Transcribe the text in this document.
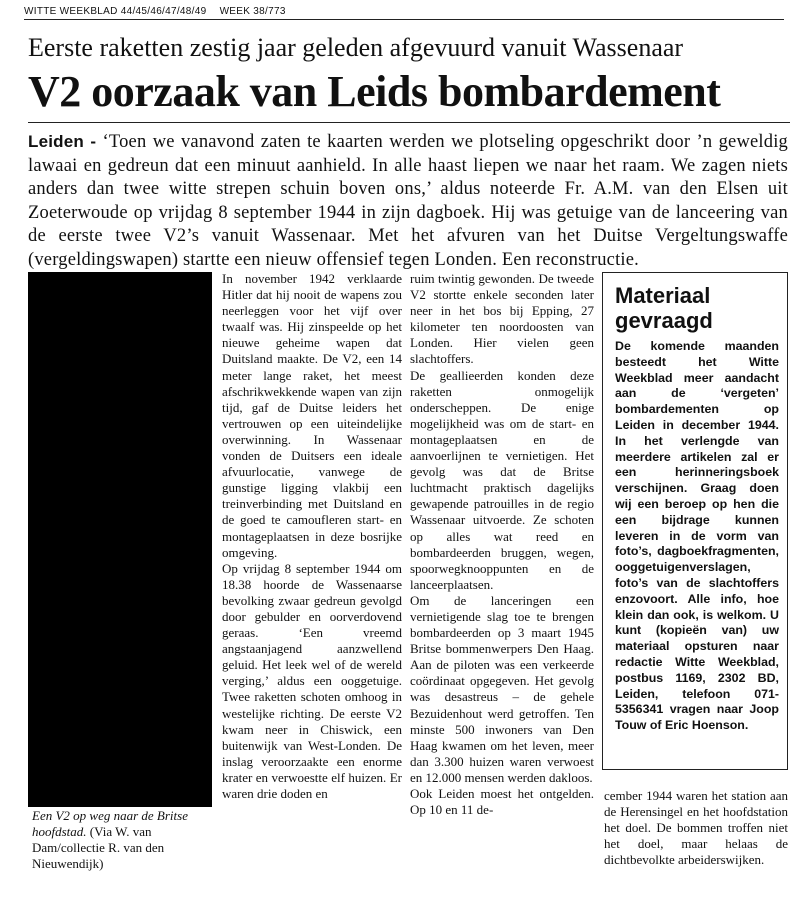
WITTE WEEKBLAD 44/45/46/47/48/49 WEEK 38/773
Eerste raketten zestig jaar geleden afgevuurd vanuit Wassenaar
V2 oorzaak van Leids bombardement
Leiden - ‘Toen we vanavond zaten te kaarten werden we plotseling opgeschrikt door ’n geweldig lawaai en gedreun dat een minuut aanhield. In alle haast liepen we naar het raam. We zagen niets anders dan twee witte strepen schuin boven ons,’ aldus noteerde Fr. A.M. van den Elsen uit Zoeterwoude op vrijdag 8 september 1944 in zijn dagboek. Hij was getuige van de lanceering van de eerste twee V2’s vanuit Wassenaar. Met het afvuren van het Duitse Vergeltungswaffe (vergeldingswapen) startte een nieuw offensief tegen Londen. Een reconstructie.
Een V2 op weg naar de Britse hoofdstad. (Via W. van Dam/collectie R. van den Nieuwendijk)

In november 1942 verklaarde Hitler dat hij nooit de wapens zou neerleggen voor het vijf over twaalf was. Hij zinspeelde op het nieuwe geheime wapen dat Duitsland maakte. De V2, een 14 meter lange raket, het meest afschrikwekkende wapen van zijn tijd, gaf de Duitse leiders het vertrouwen op een uiteindelijke overwinning. In Wassenaar vonden de Duitsers een ideale afvuurlocatie, vanwege de gunstige ligging vlakbij een treinverbinding met Duitsland en de goed te camoufleren start- en montageplaatsen in deze bosrijke omgeving.

Op vrijdag 8 september 1944 om 18.38 hoorde de Wassenaarse bevolking zwaar gedreun gevolgd door gebulder en oorverdovend geraas. ‘Een vreemd angstaanjagend aanzwellend geluid. Het leek wel of de wereld verging,’ aldus een ooggetuige. Twee raketten schoten omhoog in westelijke richting. De eerste V2 kwam neer in Chiswick, een buitenwijk van West-Londen. De inslag veroorzaakte een enorme krater en verwoestte elf huizen. Er waren drie doden en

ruim twintig gewonden. De tweede V2 stortte enkele seconden later neer in het bos bij Epping, 27 kilometer ten noordoosten van Londen. Hier vielen geen slachtoffers.

De geallieerden konden deze raketten onmogelijk onderscheppen. De enige mogelijkheid was om de start- en montageplaatsen en de aanvoerlijnen te vernietigen. Het gevolg was dat de Britse luchtmacht praktisch dagelijks gewapende patrouilles in de regio Wassenaar uitvoerde. Ze schoten op alles wat reed en bombardeerden bruggen, wegen, spoorwegknooppunten en de lanceerplaatsen.

Om de lanceringen een vernietigende slag toe te brengen bombardeerden op 3 maart 1945 Britse bommenwerpers Den Haag. Aan de piloten was een verkeerde coördinaat opgegeven. Het gevolg was desastreus – de gehele Bezuidenhout werd getroffen. Ten minste 500 inwoners van Den Haag kwamen om het leven, meer dan 3.300 huizen waren verwoest en 12.000 mensen werden dakloos.

Ook Leiden moest het ontgelden. Op 10 en 11 de-

Materiaal gevraagd
De komende maanden besteedt het Witte Weekblad meer aandacht aan de ‘vergeten’ bombardementen op Leiden in december 1944. In het verlengde van meerdere artikelen zal er een herinneringsboek verschijnen. Graag doen wij een beroep op hen die een bijdrage kunnen leveren in de vorm van foto’s, dagboekfragmenten, ooggetuigenverslagen, foto’s van de slachtoffers enzovoort. Alle info, hoe klein dan ook, is welkom. U kunt (kopieën van) uw materiaal opsturen naar redactie Witte Weekblad, postbus 1169, 2302 BD, Leiden, telefoon 071-5356341 vragen naar Joop Touw of Eric Hoenson.

cember 1944 waren het station aan de Herensingel en het hoofdstation het doel. De bommen troffen niet het doel, maar helaas de dichtbevolkte arbeiderswijken.
